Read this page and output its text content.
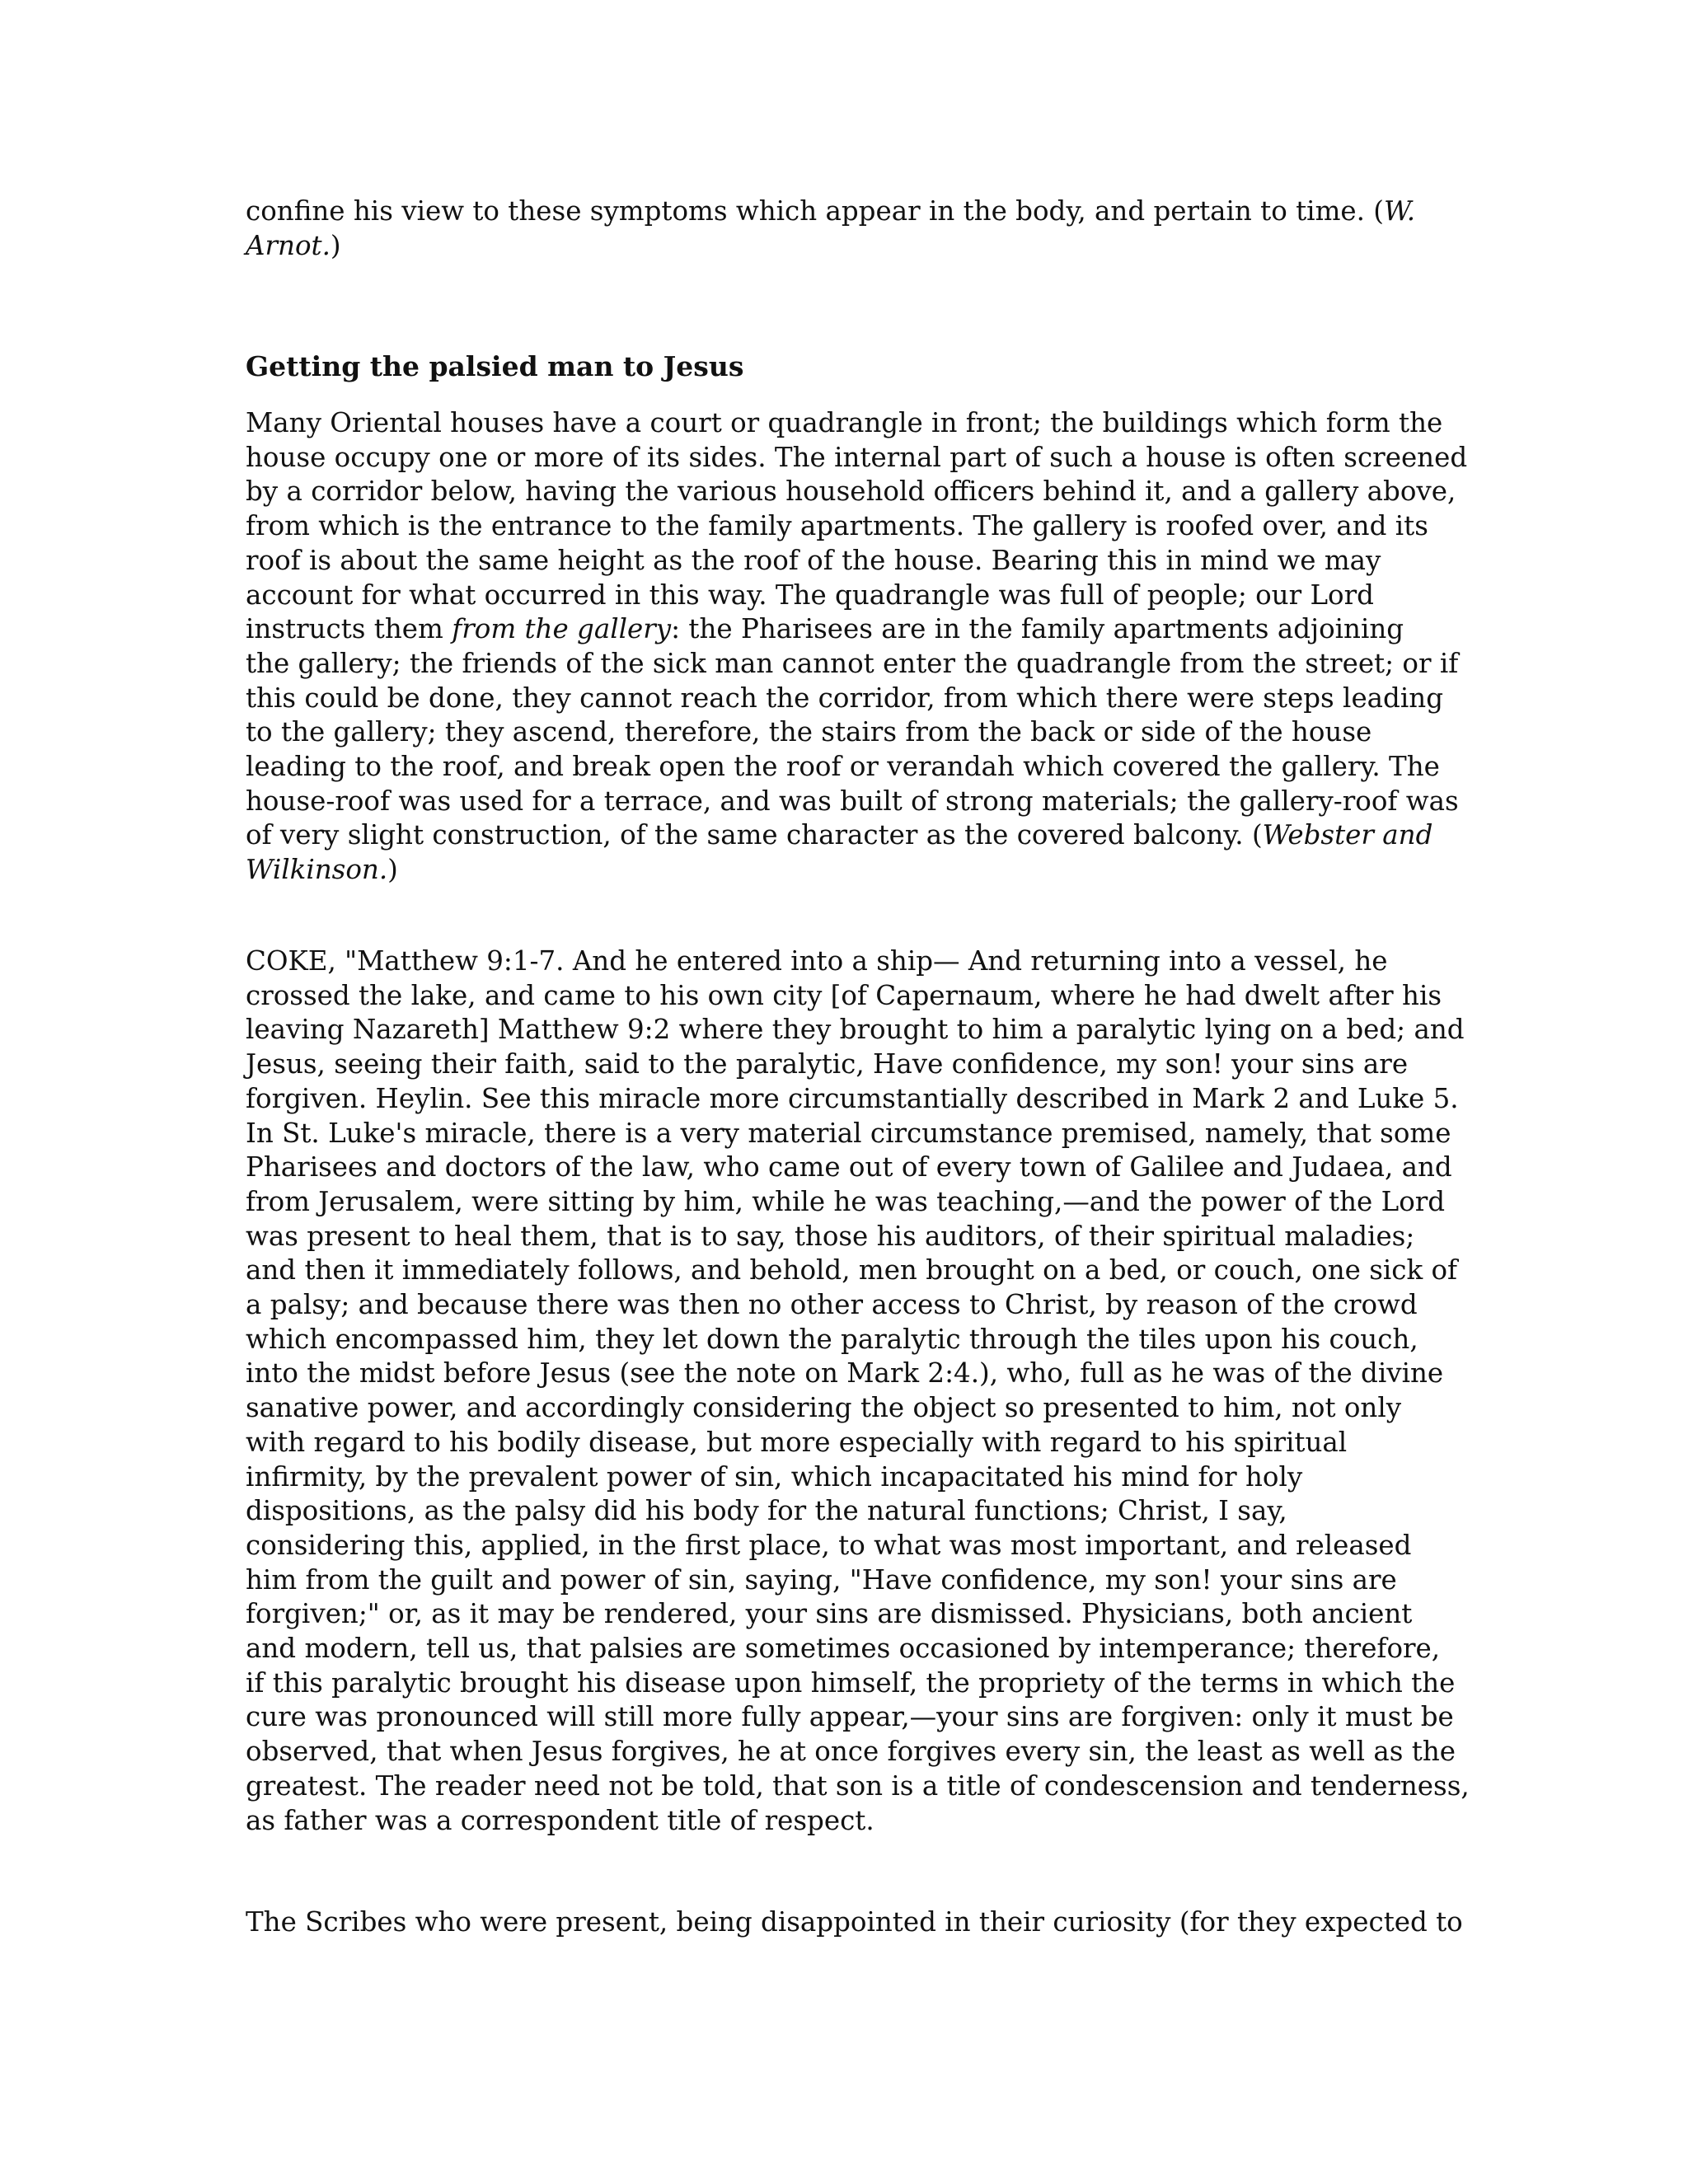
confine his view to these symptoms which appear in the body, and pertain to time. (W.
Arnot.)

Getting the palsied man to Jesus

Many Oriental houses have a court or quadrangle in front; the buildings which form the
house occupy one or more of its sides. The internal part of such a house is often screened
by a corridor below, having the various household officers behind it, and a gallery above,
from which is the entrance to the family apartments. The gallery is roofed over, and its
roof is about the same height as the roof of the house. Bearing this in mind we may
account for what occurred in this way. The quadrangle was full of people; our Lord
instructs them from the gallery: the Pharisees are in the family apartments adjoining
the gallery; the friends of the sick man cannot enter the quadrangle from the street; or if
this could be done, they cannot reach the corridor, from which there were steps leading
to the gallery; they ascend, therefore, the stairs from the back or side of the house
leading to the roof, and break open the roof or verandah which covered the gallery. The
house-roof was used for a terrace, and was built of strong materials; the gallery-roof was
of very slight construction, of the same character as the covered balcony. (Webster and
Wilkinson.)

COKE, "Matthew 9:1-7. And he entered into a ship— And returning into a vessel, he
crossed the lake, and came to his own city [of Capernaum, where he had dwelt after his
leaving Nazareth] Matthew 9:2 where they brought to him a paralytic lying on a bed; and
Jesus, seeing their faith, said to the paralytic, Have confidence, my son! your sins are
forgiven. Heylin. See this miracle more circumstantially described in Mark 2 and Luke 5.
In St. Luke's miracle, there is a very material circumstance premised, namely, that some
Pharisees and doctors of the law, who came out of every town of Galilee and Judaea, and
from Jerusalem, were sitting by him, while he was teaching,—and the power of the Lord
was present to heal them, that is to say, those his auditors, of their spiritual maladies;
and then it immediately follows, and behold, men brought on a bed, or couch, one sick of
a palsy; and because there was then no other access to Christ, by reason of the crowd
which encompassed him, they let down the paralytic through the tiles upon his couch,
into the midst before Jesus (see the note on Mark 2:4.), who, full as he was of the divine
sanative power, and accordingly considering the object so presented to him, not only
with regard to his bodily disease, but more especially with regard to his spiritual
infirmity, by the prevalent power of sin, which incapacitated his mind for holy
dispositions, as the palsy did his body for the natural functions; Christ, I say,
considering this, applied, in the first place, to what was most important, and released
him from the guilt and power of sin, saying, "Have confidence, my son! your sins are
forgiven;" or, as it may be rendered, your sins are dismissed. Physicians, both ancient
and modern, tell us, that palsies are sometimes occasioned by intemperance; therefore,
if this paralytic brought his disease upon himself, the propriety of the terms in which the
cure was pronounced will still more fully appear,—your sins are forgiven: only it must be
observed, that when Jesus forgives, he at once forgives every sin, the least as well as the
greatest. The reader need not be told, that son is a title of condescension and tenderness,
as father was a correspondent title of respect.

The Scribes who were present, being disappointed in their curiosity (for they expected to
